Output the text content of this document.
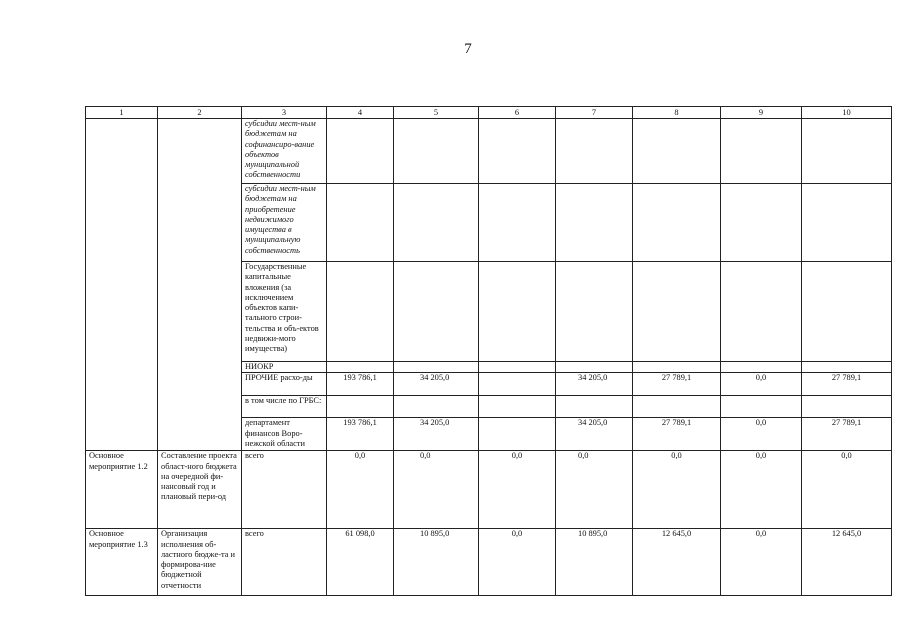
7
1	2	3	4	5	6	7	8	9	10
		субсидии мест-ным бюджетам на софинансиро-вание объектов муниципальной собственности							
		субсидии мест-ным бюджетам на приобретение недвижимого имущества в муниципальную собственность							
		Государственные капитальные вложения (за исключением объектов капи-тального строи-тельства и объ-ектов недвижи-мого имущества)							
		НИОКР							
		ПРОЧИЕ расхо-ды	193 786,1	34 205,0		34 205,0	27 789,1	0,0	27 789,1
		в том числе по ГРБС:							
		департамент финансов Воро-нежской области	193 786,1	34 205,0		34 205,0	27 789,1	0,0	27 789,1
Основное мероприятие 1.2	Составление проекта област-ного бюджета на очередной фи-нансовый год и плановый пери-од	всего	0,0	0,0	0,0	0,0	0,0	0,0	0,0
Основное мероприятие 1.3	Организация исполнения об-ластного бюдже-та и формирова-ние бюджетной отчетности	всего	61 098,0	10 895,0	0,0	10 895,0	12 645,0	0,0	12 645,0
